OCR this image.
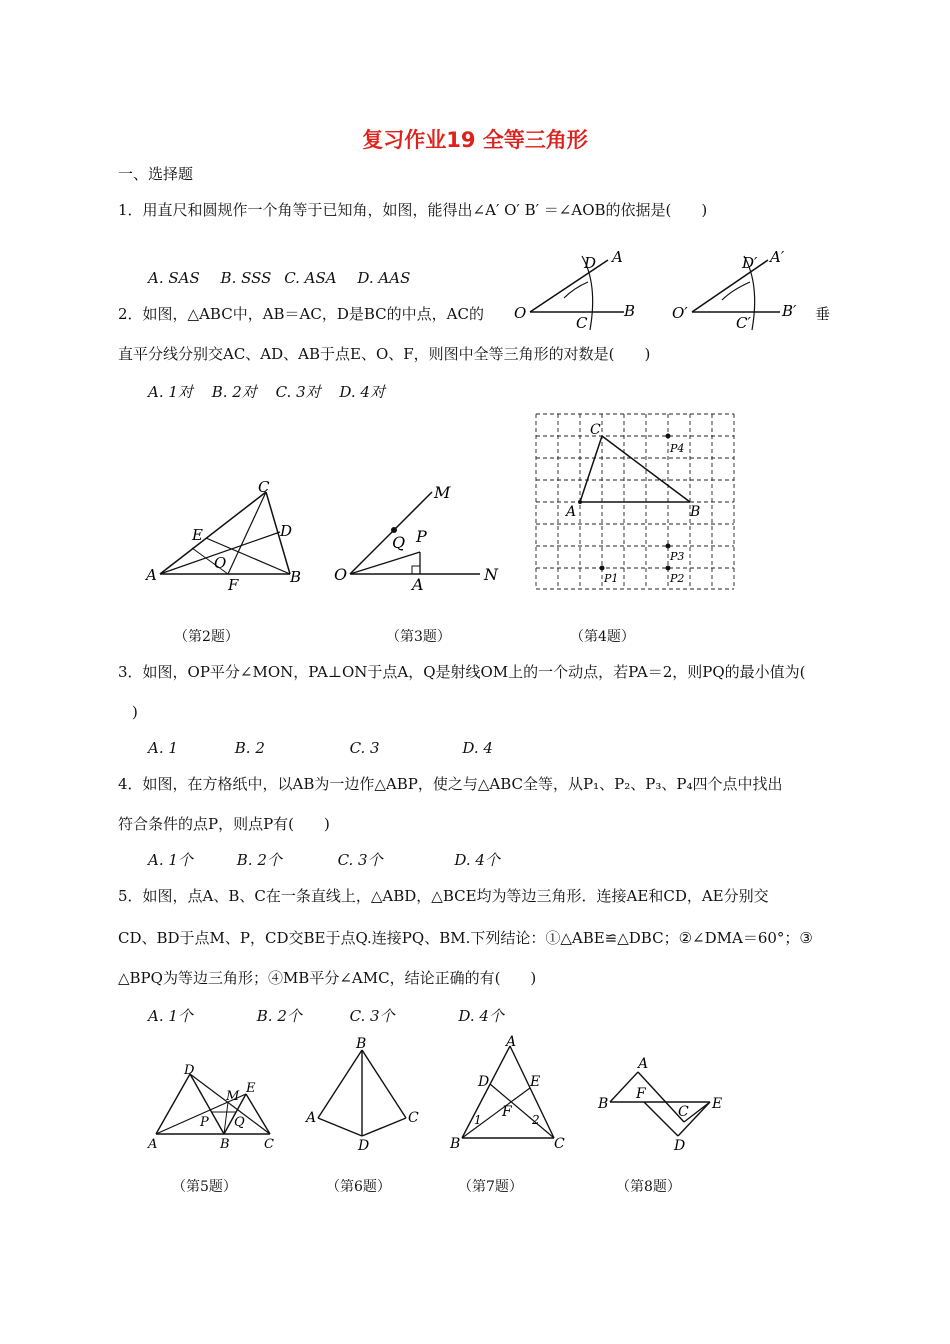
复习作业19 全等三角形
一、选择题
1．用直尺和圆规作一个角等于已知角，如图，能得出∠A′ O′ B′ ＝∠AOB的依据是(　　)
A. SAS B. SSS C. ASA D. AAS
D A
O
C
B
D′ A′
O′
C′
B′
2．如图，△ABC中，AB＝AC，D是BC的中点，AC的	垂
直平分线分别交AC、AD、AB于点E、O、F，则图中全等三角形的对数是(　　)
A. 1对 B. 2对 C. 3对 D. 4对
C
E	D
O
A
F	B
M
Q P
O
A
N
C
P4
A	B
P3
P1	P2
（第2题）	（第3题）	（第4题）
3．如图，OP平分∠MON，PA⊥ON于点A，Q是射线OM上的一个动点，若PA＝2，则PQ的最小值为(
)
A. 1	B. 2	C. 3	D. 4
4．如图，在方格纸中，以AB为一边作△ABP，使之与△ABC全等，从P₁、P₂、P₃、P₄四个点中找出
符合条件的点P，则点P有(　　)
A. 1个	B. 2个	C. 3个	D. 4个
5．如图，点A、B、C在一条直线上，△ABD，△BCE均为等边三角形．连接AE和CD，AE分别交
CD、BD于点M、P，CD交BE于点Q.连接PQ、BM.下列结论：①△ABE≌△DBC；②∠DMA＝60°；③
△BPQ为等边三角形；④MB平分∠AMC，结论正确的有(　　)
A. 1个	B. 2个	C. 3个	D. 4个
D
M
E
P Q
A	B	C
B
A	C
D
A
D	E
F
1	2
B	C
A
B
F
C E
D
（第5题）	（第6题）	（第7题）	（第8题）
